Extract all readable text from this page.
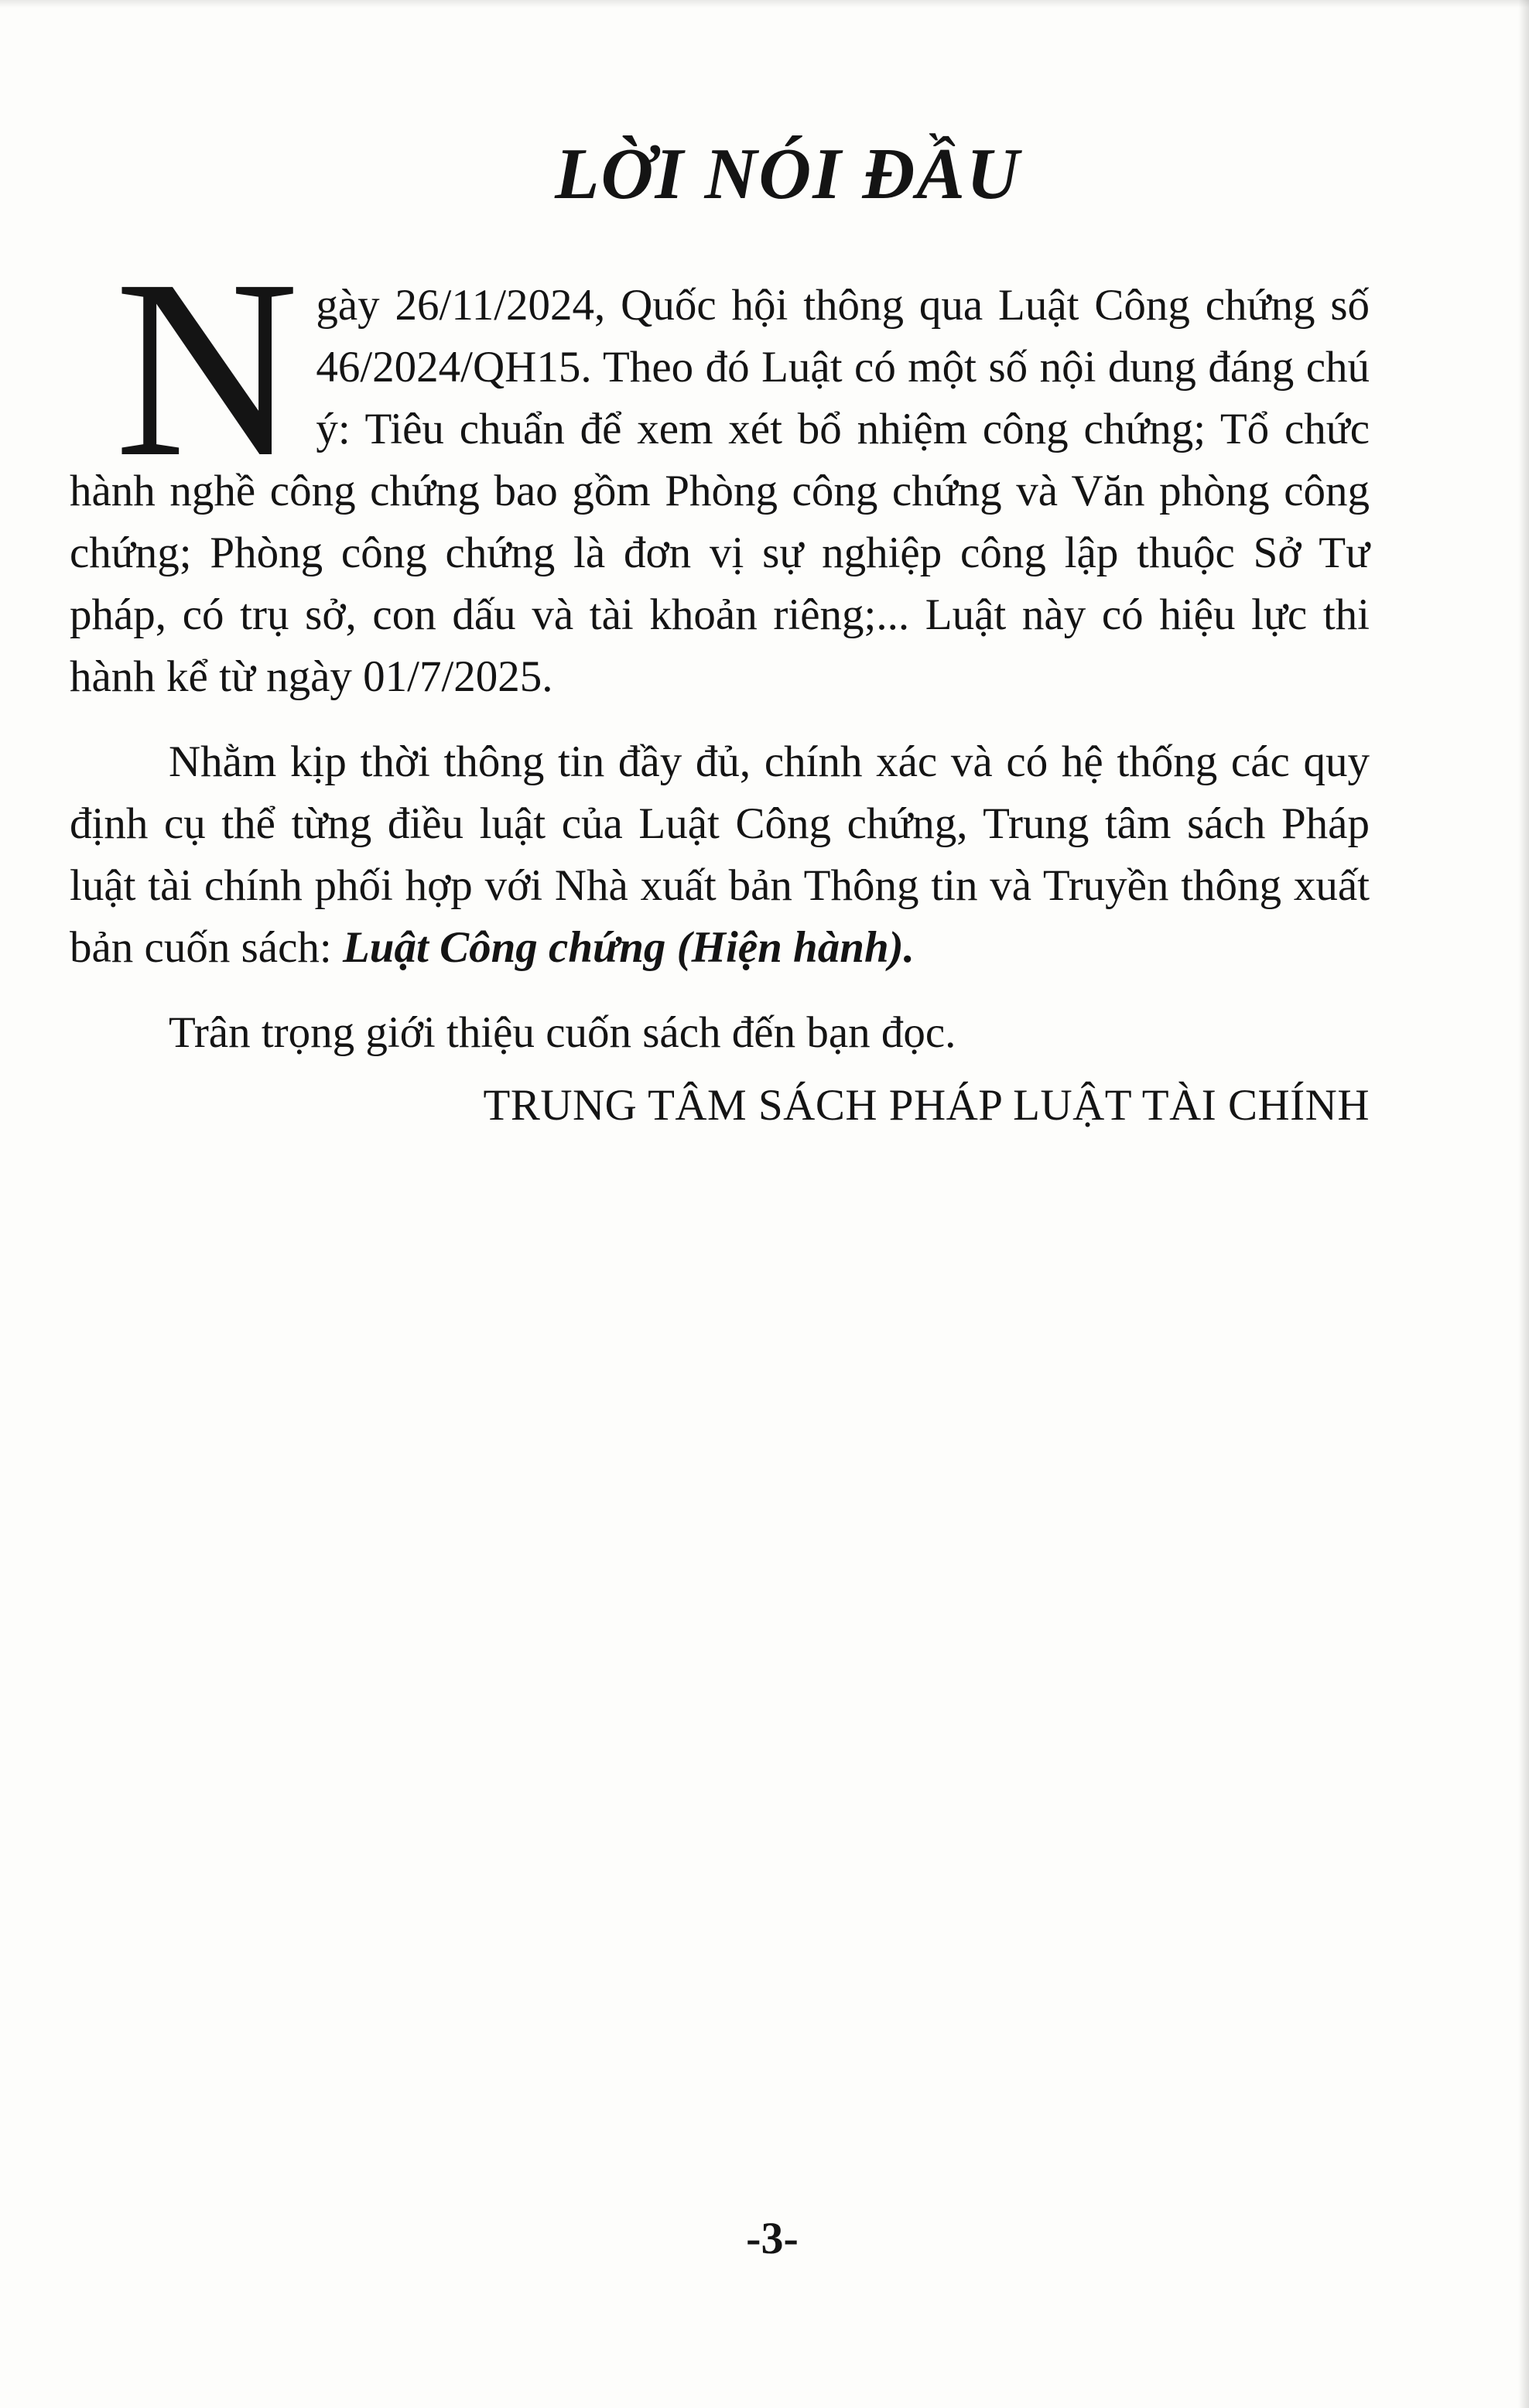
LỜI NÓI ĐẦU

Ngày 26/11/2024, Quốc hội thông qua Luật Công chứng số 46/2024/QH15. Theo đó Luật có một số nội dung đáng chú ý: Tiêu chuẩn để xem xét bổ nhiệm công chứng; Tổ chức hành nghề công chứng bao gồm Phòng công chứng và Văn phòng công chứng; Phòng công chứng là đơn vị sự nghiệp công lập thuộc Sở Tư pháp, có trụ sở, con dấu và tài khoản riêng;... Luật này có hiệu lực thi hành kể từ ngày 01/7/2025.

Nhằm kịp thời thông tin đầy đủ, chính xác và có hệ thống các quy định cụ thể từng điều luật của Luật Công chứng, Trung tâm sách Pháp luật tài chính phối hợp với Nhà xuất bản Thông tin và Truyền thông xuất bản cuốn sách: Luật Công chứng (Hiện hành).

Trân trọng giới thiệu cuốn sách đến bạn đọc.

TRUNG TÂM SÁCH PHÁP LUẬT TÀI CHÍNH

-3-
